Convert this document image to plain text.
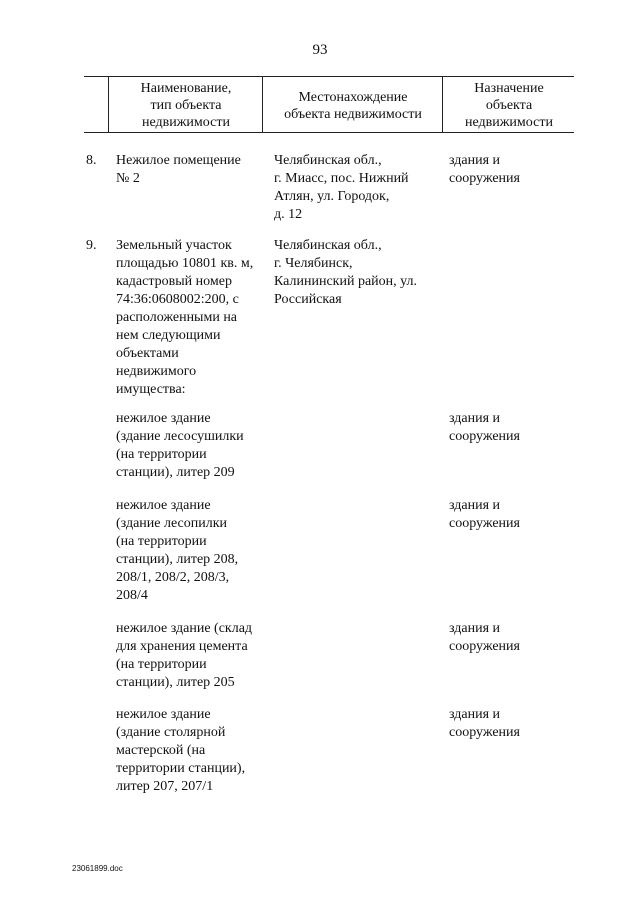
93
Наименование,
тип объекта
недвижимости
Местонахождение
объекта недвижимости
Назначение
объекта
недвижимости
8. Нежилое помещение
№ 2
Челябинская обл.,
г. Миасс, пос. Нижний
Атлян, ул. Городок,
д. 12
здания и
сооружения
9. Земельный участок
площадью 10801 кв. м,
кадастровый номер
74:36:0608002:200, с
расположенными на
нем следующими
объектами
недвижимого
имущества:
Челябинская обл.,
г. Челябинск,
Калининский район, ул.
Российская
нежилое здание
(здание лесосушилки
(на территории
станции), литер 209
здания и
сооружения
нежилое здание
(здание лесопилки
(на территории
станции), литер 208,
208/1, 208/2, 208/3,
208/4
здания и
сооружения
нежилое здание (склад
для хранения цемента
(на территории
станции), литер 205
здания и
сооружения
нежилое здание
(здание столярной
мастерской (на
территории станции),
литер 207, 207/1
здания и
сооружения
23061899.doc
